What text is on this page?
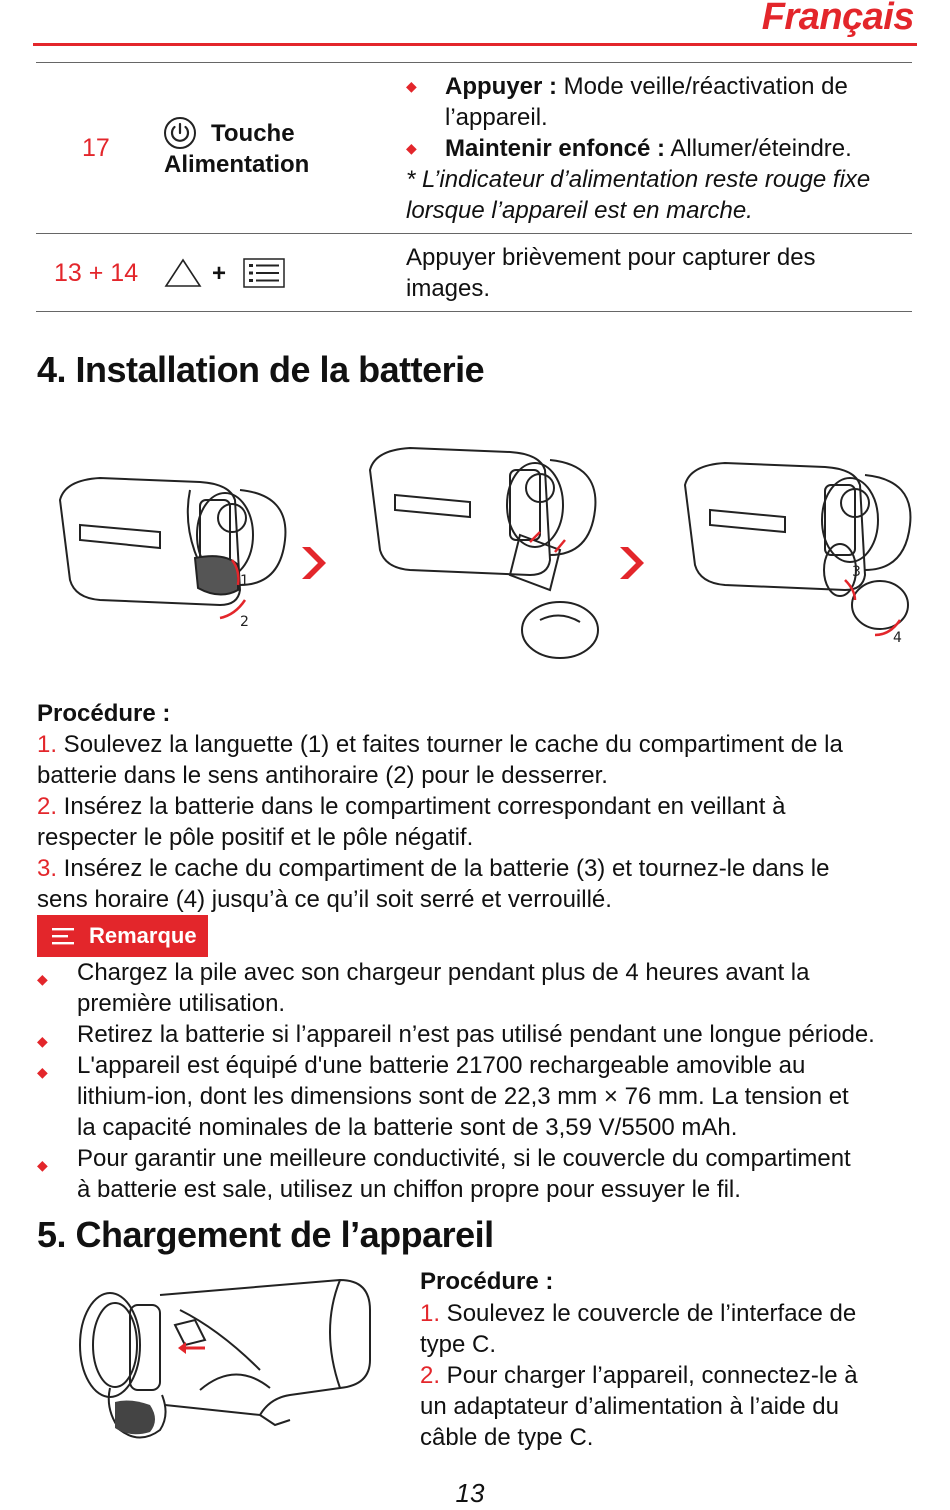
Français
17
Touche
Alimentation
◆ Appuyer : Mode veille/réactivation de
l’appareil.
◆ Maintenir enfoncé : Allumer/éteindre.
* L’indicateur d’alimentation reste rouge fixe
lorsque l’appareil est en marche.
13 + 14	+
Appuyer brièvement pour capturer des
images.
4. Installation de la batterie
1
2
3
4
Procédure :
1. Soulevez la languette (1) et faites tourner le cache du compartiment de la
batterie dans le sens antihoraire (2) pour le desserrer.
2. Insérez la batterie dans le compartiment correspondant en veillant à
respecter le pôle positif et le pôle négatif.
3. Insérez le cache du compartiment de la batterie (3) et tournez-le dans le
sens horaire (4) jusqu’à ce qu’il soit serré et verrouillé.
Remarque
◆ Chargez la pile avec son chargeur pendant plus de 4 heures avant la
première utilisation.
◆ Retirez la batterie si l’appareil n’est pas utilisé pendant une longue période.
◆ L'appareil est équipé d'une batterie 21700 rechargeable amovible au
lithium-ion, dont les dimensions sont de 22,3 mm × 76 mm. La tension et
la capacité nominales de la batterie sont de 3,59 V/5500 mAh.
◆ Pour garantir une meilleure conductivité, si le couvercle du compartiment
à batterie est sale, utilisez un chiffon propre pour essuyer le fil.
5. Chargement de l’appareil
Procédure :
1. Soulevez le couvercle de l’interface de
type C.
2. Pour charger l’appareil, connectez-le à
un adaptateur d’alimentation à l’aide du
câble de type C.
13
